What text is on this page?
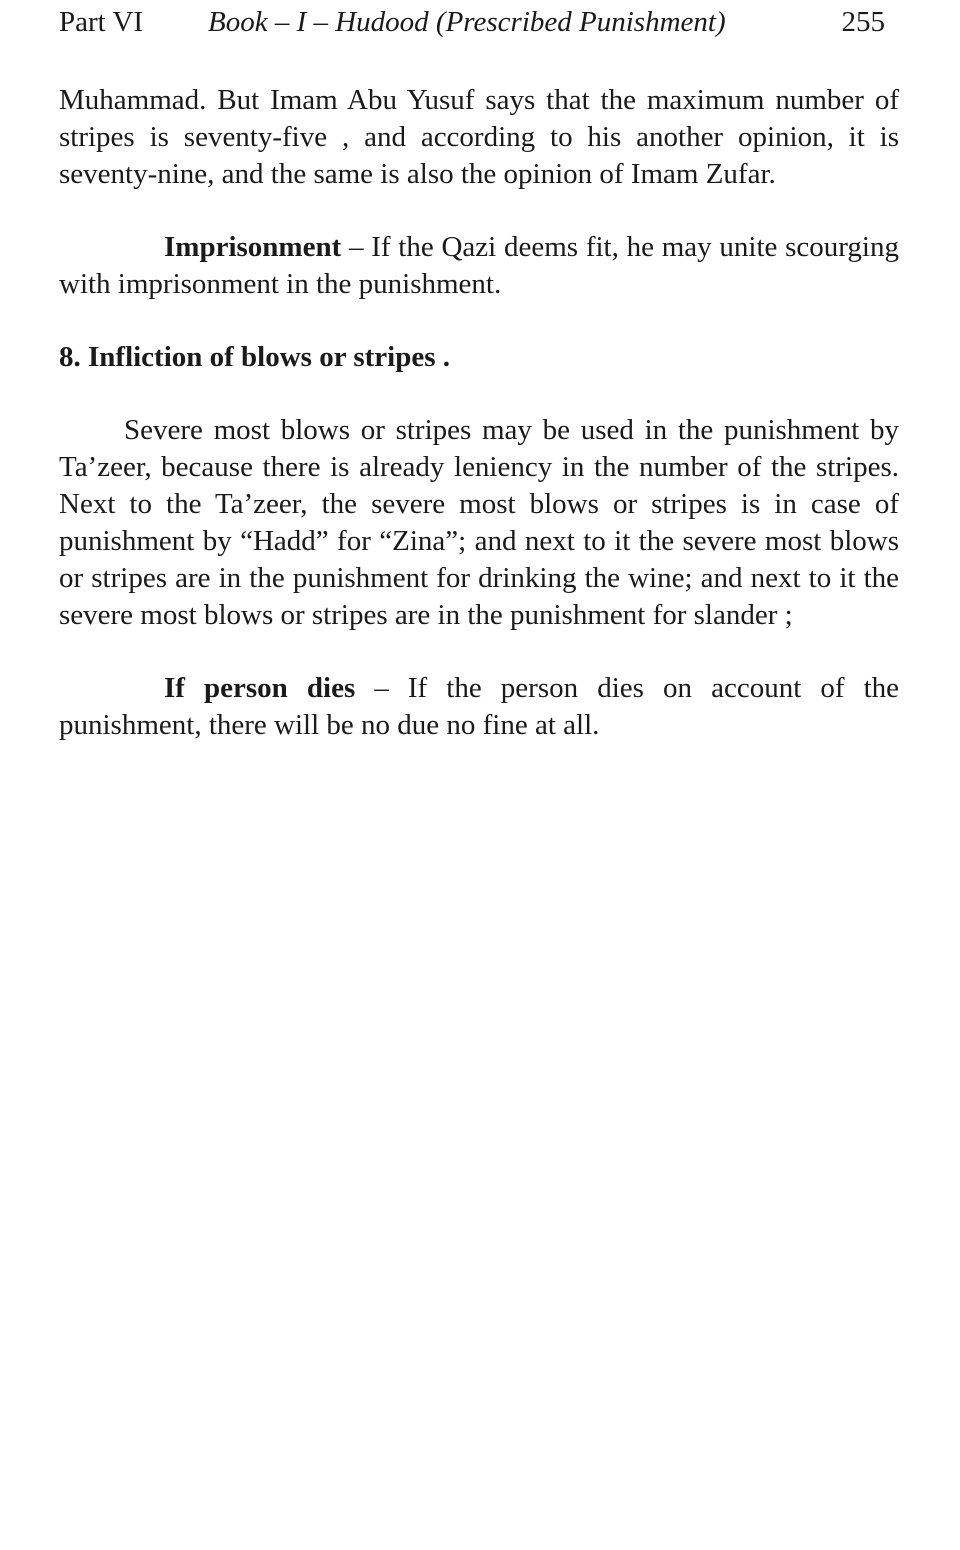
Part VI Book – I – Hudood (Prescribed Punishment)	255

Muhammad. But Imam Abu Yusuf says that the maximum number of stripes is seventy-five , and according to his another opinion, it is seventy-nine, and the same is also the opinion of Imam Zufar.

Imprisonment – If the Qazi deems fit, he may unite scourging with imprisonment in the punishment.

8. Infliction of blows or stripes .

Severe most blows or stripes may be used in the punishment by Ta’zeer, because there is already leniency in the number of the stripes. Next to the Ta’zeer, the severe most blows or stripes is in case of punishment by “Hadd” for “Zina”; and next to it the severe most blows or stripes are in the punishment for drinking the wine; and next to it the severe most blows or stripes are in the punishment for slander ;

If person dies – If the person dies on account of the punishment, there will be no due no fine at all.
